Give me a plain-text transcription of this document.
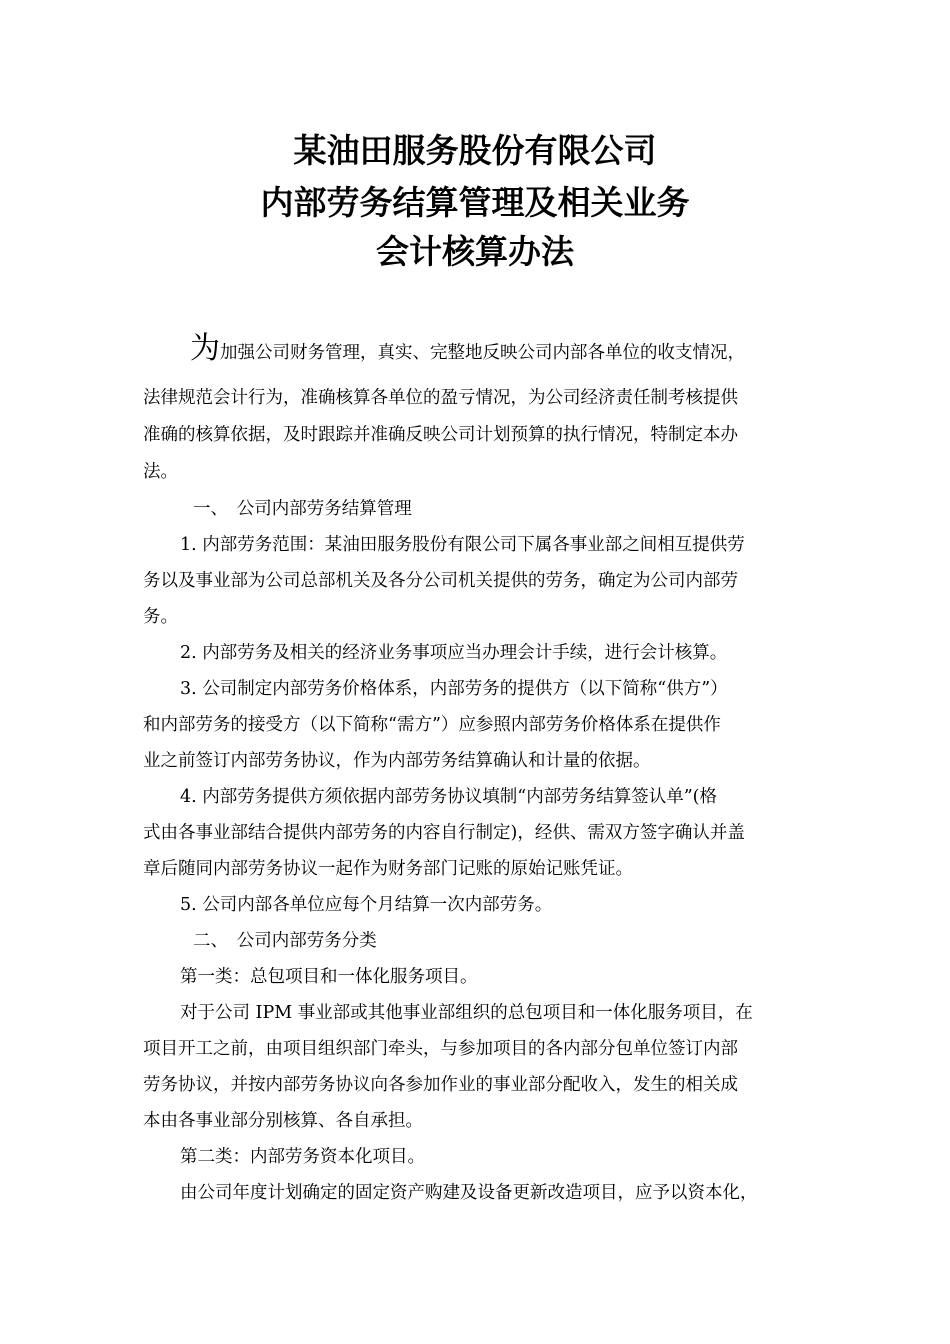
某油田服务股份有限公司
内部劳务结算管理及相关业务
会计核算办法
为加强公司财务管理，真实、完整地反映公司内部各单位的收支情况，
法律规范会计行为，准确核算各单位的盈亏情况，为公司经济责任制考核提供
准确的核算依据，及时跟踪并准确反映公司计划预算的执行情况，特制定本办
法。
一、　公司内部劳务结算管理
1. 内部劳务范围：某油田服务股份有限公司下属各事业部之间相互提供劳
务以及事业部为公司总部机关及各分公司机关提供的劳务，确定为公司内部劳
务。
2. 内部劳务及相关的经济业务事项应当办理会计手续，进行会计核算。
3. 公司制定内部劳务价格体系，内部劳务的提供方（以下简称“供方”）
和内部劳务的接受方（以下简称“需方”）应参照内部劳务价格体系在提供作
业之前签订内部劳务协议，作为内部劳务结算确认和计量的依据。
4. 内部劳务提供方须依据内部劳务协议填制“内部劳务结算签认单”(格
式由各事业部结合提供内部劳务的内容自行制定)，经供、需双方签字确认并盖
章后随同内部劳务协议一起作为财务部门记账的原始记账凭证。
5. 公司内部各单位应每个月结算一次内部劳务。
二、　公司内部劳务分类
第一类：总包项目和一体化服务项目。
对于公司 IPM 事业部或其他事业部组织的总包项目和一体化服务项目，在
项目开工之前，由项目组织部门牵头，与参加项目的各内部分包单位签订内部
劳务协议，并按内部劳务协议向各参加作业的事业部分配收入，发生的相关成
本由各事业部分别核算、各自承担。
第二类：内部劳务资本化项目。
由公司年度计划确定的固定资产购建及设备更新改造项目，应予以资本化，
